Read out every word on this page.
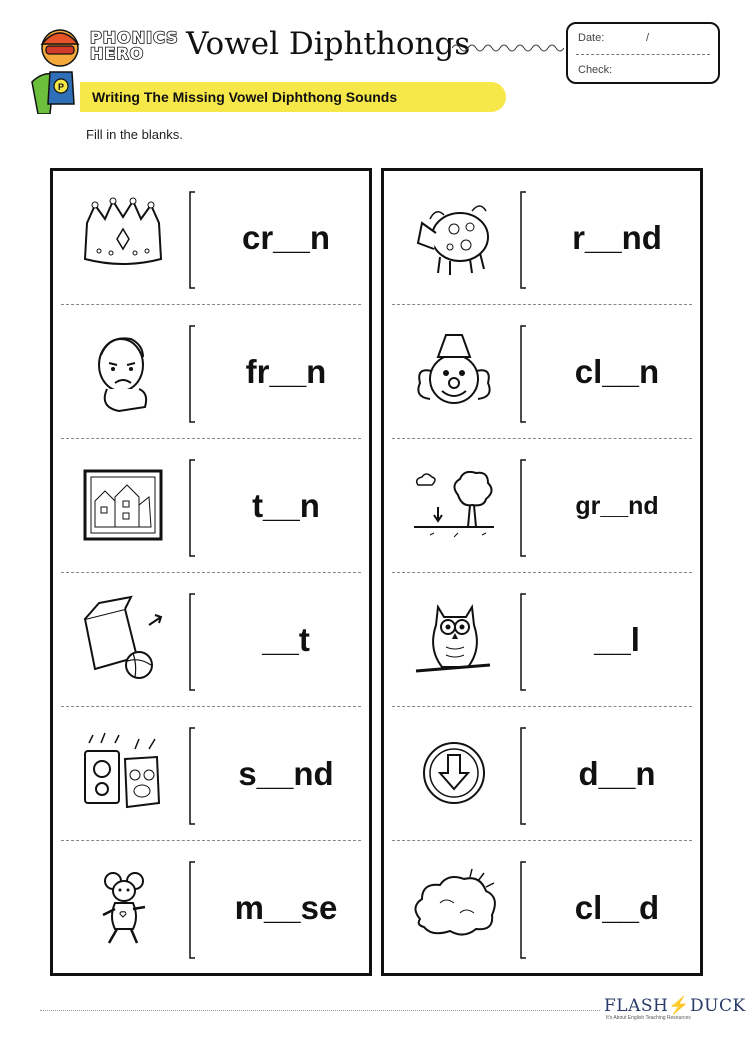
P
PHONICS
HERO	Vowel Diphthongs	Date:	/
Check:
Writing The Missing Vowel Diphthong Sounds
Fill in the blanks.
cr__n
fr__n
t__n
__t
s__nd
m__se
r__nd
cl__n
gr__nd
__l
d__n
cl__d
FLASH⚡DUCK
It's About English Teaching Resources
